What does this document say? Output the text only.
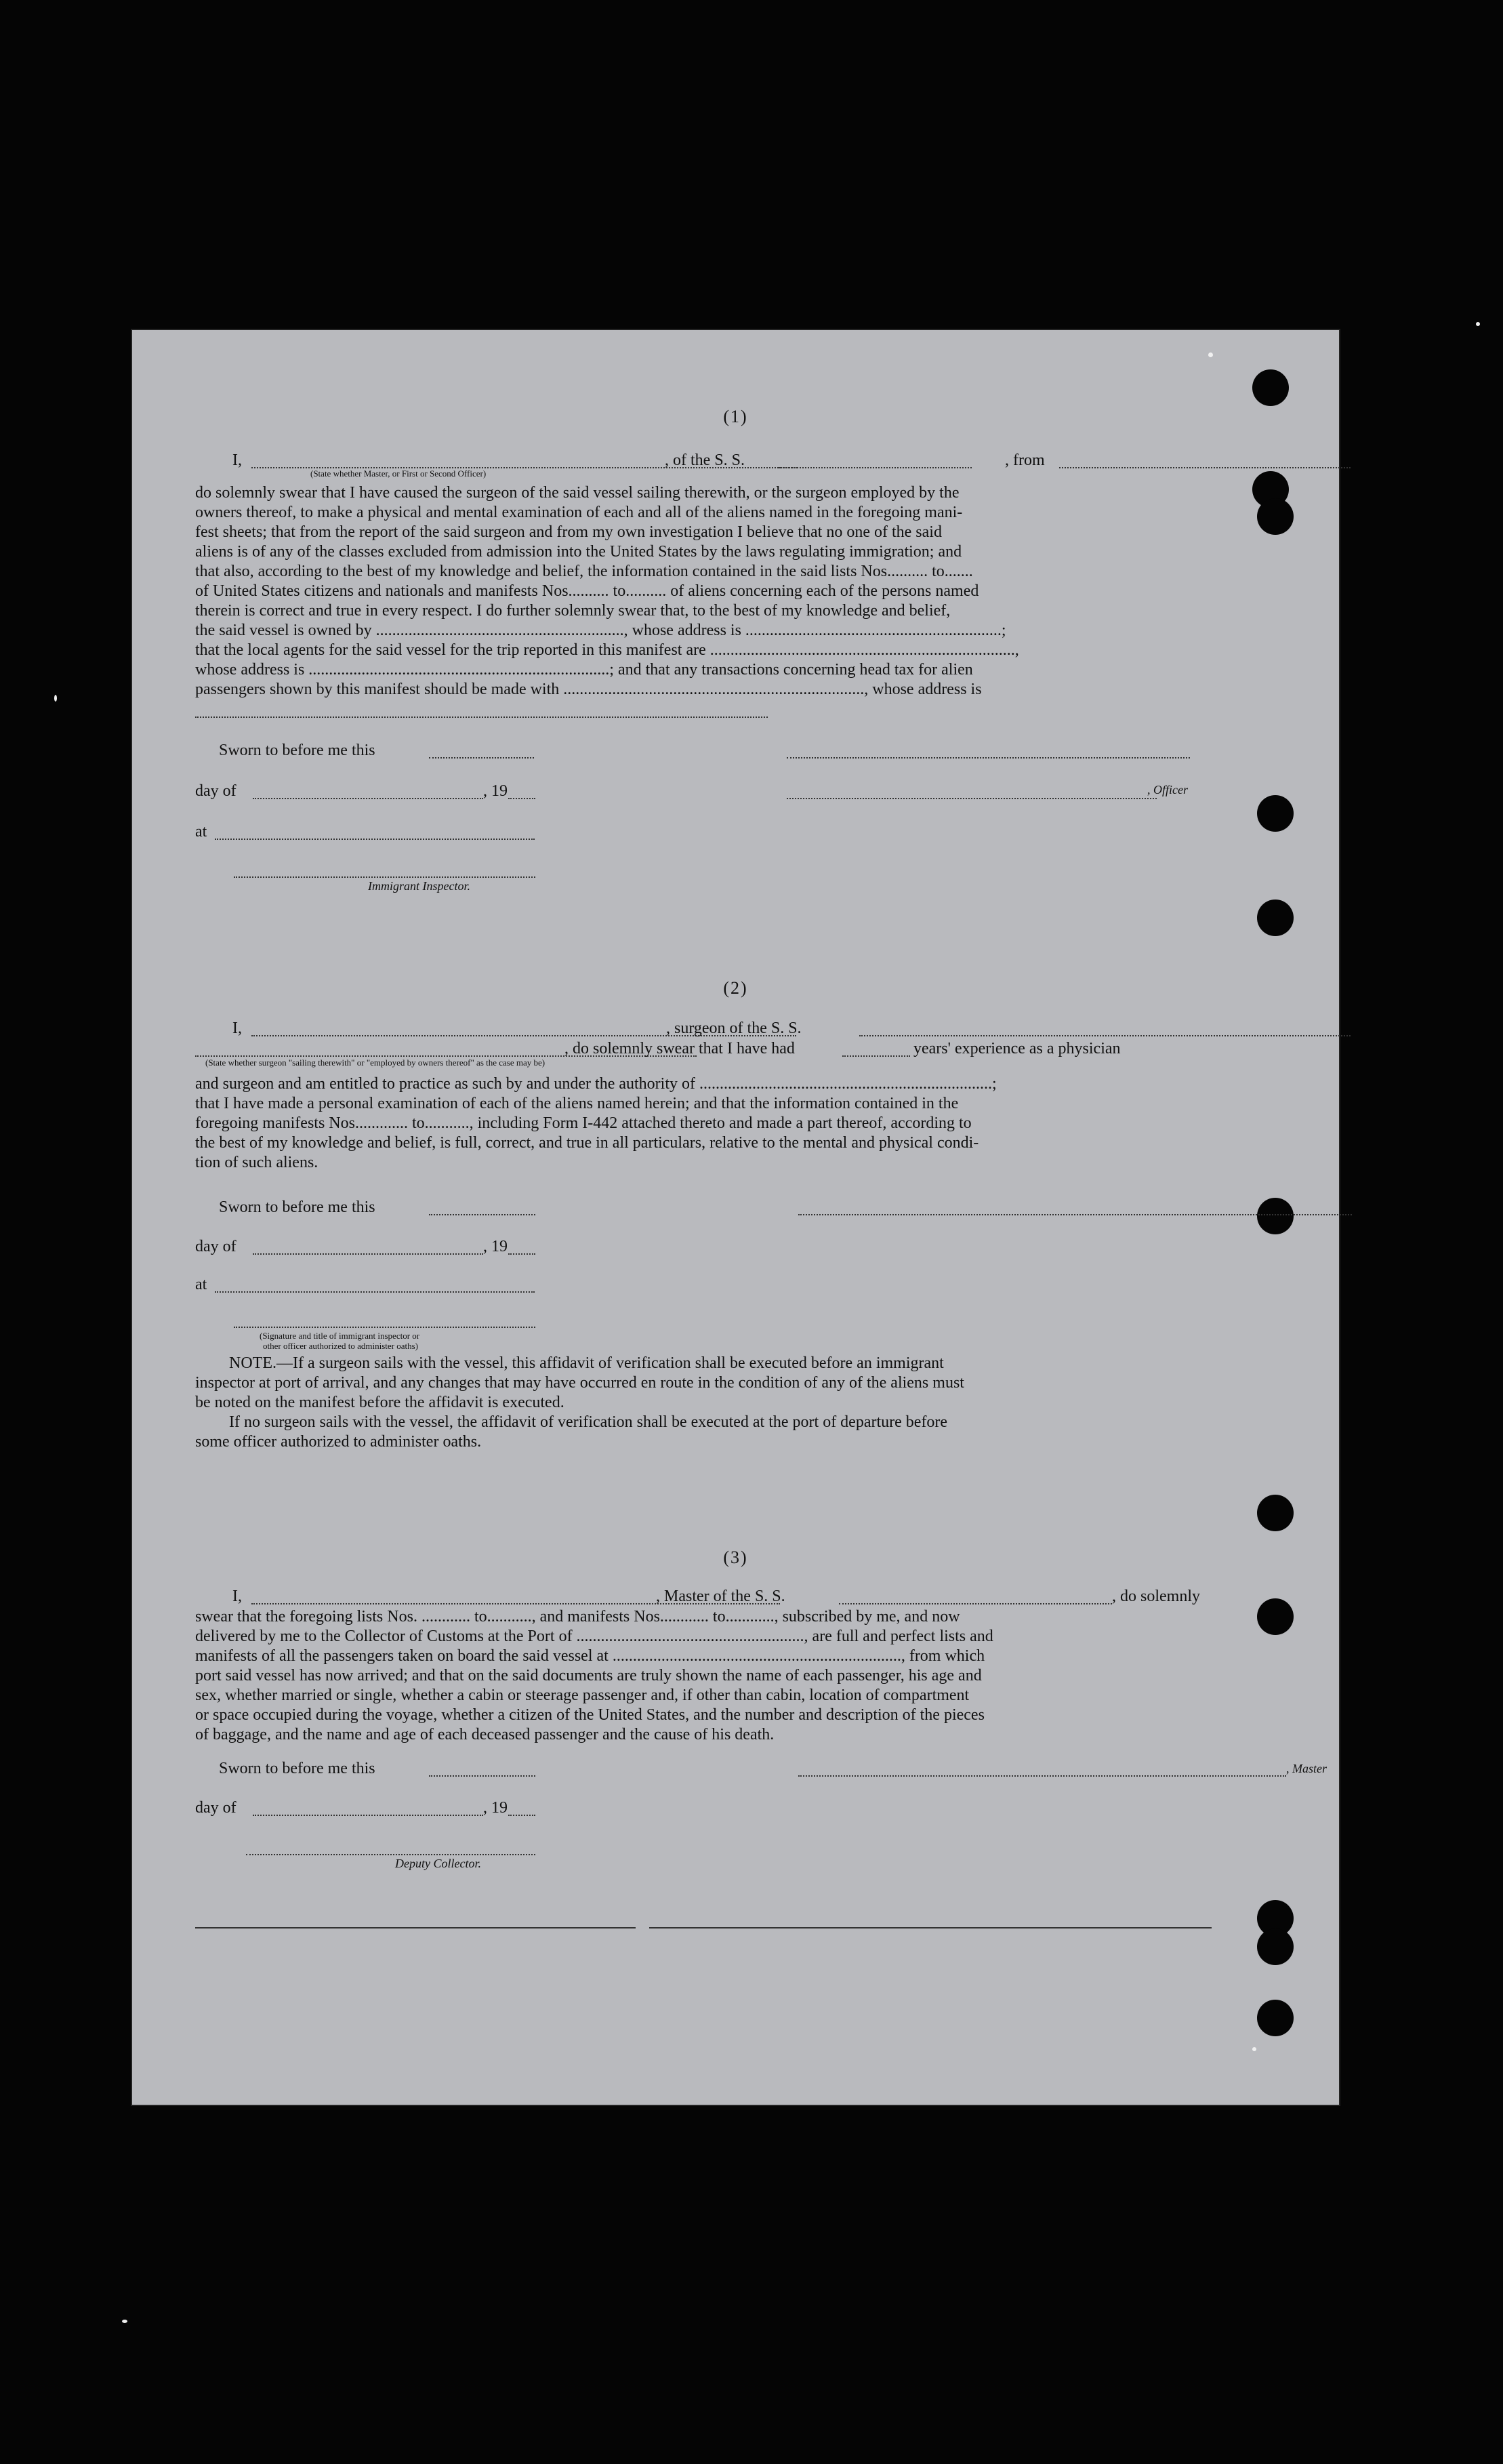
(1)
I,	, of the S. S.	, from
(State whether Master, or First or Second Officer)
do solemnly swear that I have caused the surgeon of the said vessel sailing therewith, or the surgeon employed by the
owners thereof, to make a physical and mental examination of each and all of the aliens named in the foregoing mani-
fest sheets; that from the report of the said surgeon and from my own investigation I believe that no one of the said
aliens is of any of the classes excluded from admission into the United States by the laws regulating immigration; and
that also, according to the best of my knowledge and belief, the information contained in the said lists Nos.......... to.......
of United States citizens and nationals and manifests Nos.......... to.......... of aliens concerning each of the persons named
therein is correct and true in every respect. I do further solemnly swear that, to the best of my knowledge and belief,
the said vessel is owned by ............................................................., whose address is ...............................................................;
that the local agents for the said vessel for the trip reported in this manifest are ...........................................................................,
whose address is ..........................................................................; and that any transactions concerning head tax for alien
passengers shown by this manifest should be made with .........................................................................., whose address is
Sworn to before me this
day of	, 19
at
Immigrant Inspector.
, Officer
(2)
I,	, surgeon of the S. S.
, do solemnly swear that I have had	years' experience as a physician
(State whether surgeon "sailing therewith" or "employed by owners thereof" as the case may be)
and surgeon and am entitled to practice as such by and under the authority of ........................................................................;
that I have made a personal examination of each of the aliens named herein; and that the information contained in the
foregoing manifests Nos............. to..........., including Form I-442 attached thereto and made a part thereof, according to
the best of my knowledge and belief, is full, correct, and true in all particulars, relative to the mental and physical condi-
tion of such aliens.
Sworn to before me this
day of	, 19
at
(Signature and title of immigrant inspector or
other officer authorized to administer oaths)
NOTE.—If a surgeon sails with the vessel, this affidavit of verification shall be executed before an immigrant
inspector at port of arrival, and any changes that may have occurred en route in the condition of any of the aliens must
be noted on the manifest before the affidavit is executed.
If no surgeon sails with the vessel, the affidavit of verification shall be executed at the port of departure before
some officer authorized to administer oaths.
(3)
I,	, Master of the S. S.	, do solemnly
swear that the foregoing lists Nos. ............ to..........., and manifests Nos............ to............, subscribed by me, and now
delivered by me to the Collector of Customs at the Port of ........................................................, are full and perfect lists and
manifests of all the passengers taken on board the said vessel at ......................................................................., from which
port said vessel has now arrived; and that on the said documents are truly shown the name of each passenger, his age and
sex, whether married or single, whether a cabin or steerage passenger and, if other than cabin, location of compartment
or space occupied during the voyage, whether a citizen of the United States, and the number and description of the pieces
of baggage, and the name and age of each deceased passenger and the cause of his death.
Sworn to before me this	, Master
day of	, 19
Deputy Collector.
